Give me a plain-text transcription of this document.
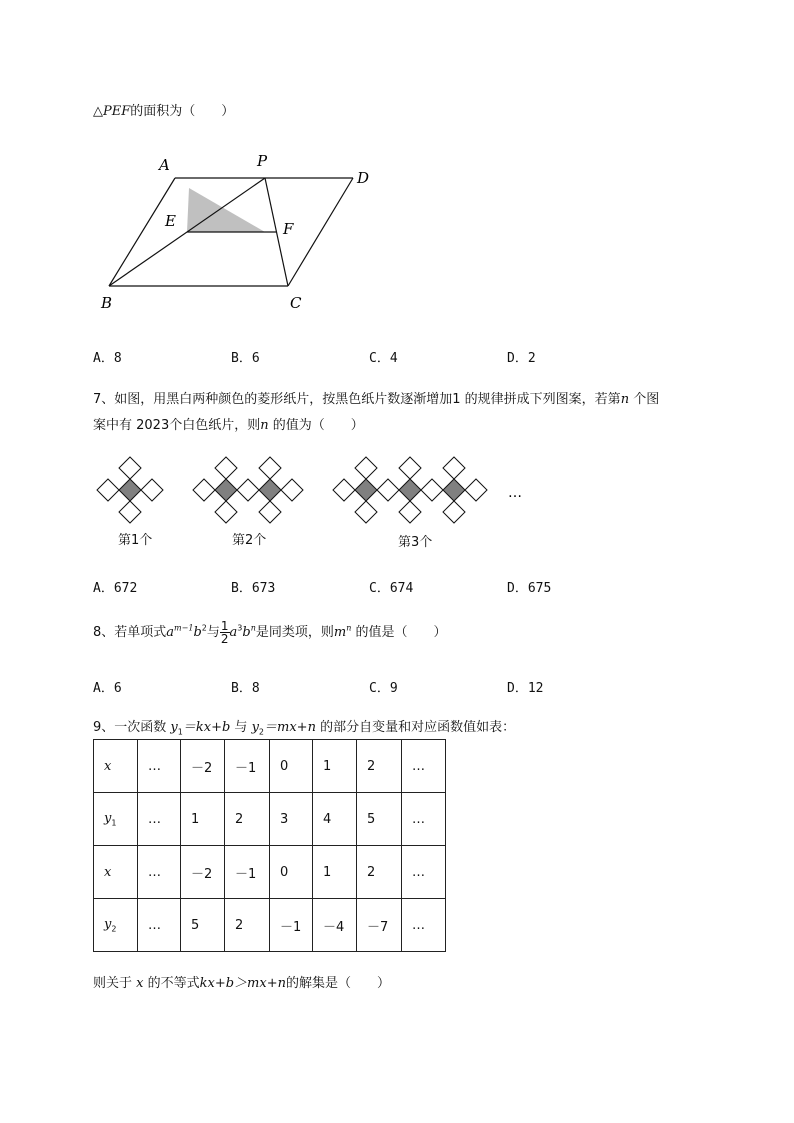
△PEF的面积为（　　）
A	P
D
E	F
B	C
A．8	B．6	C．4	D．2
7、如图，用黑白两种颜色的菱形纸片，按黑色纸片数逐渐增加1 的规律拼成下列图案，若第n 个图
案中有 2023个白色纸片，则n 的值为（　　）
…
第1个	第2个	第3个
A．672	B．673	C．674	D．675
8、若单项式$a^{m-1}b^2$与 $\frac{1}{2} a^3b^n$是同类项，则$m^n$ 的值是（　　）
A．6	B．8	C．9	D．12
9、一次函数 $y_1=kx+b$ 与 $y_2=mx+n$ 的部分自变量和对应函数值如表：
x	…	－2	－1	0	1	2	…
$y_1$	…	1	2	3	4	5	…
x	…	－2	－1	0	1	2	…
$y_2$	…	5	2	－1	－4	－7	…
则关于 x 的不等式kx+b＞mx+n的解集是（　　）
